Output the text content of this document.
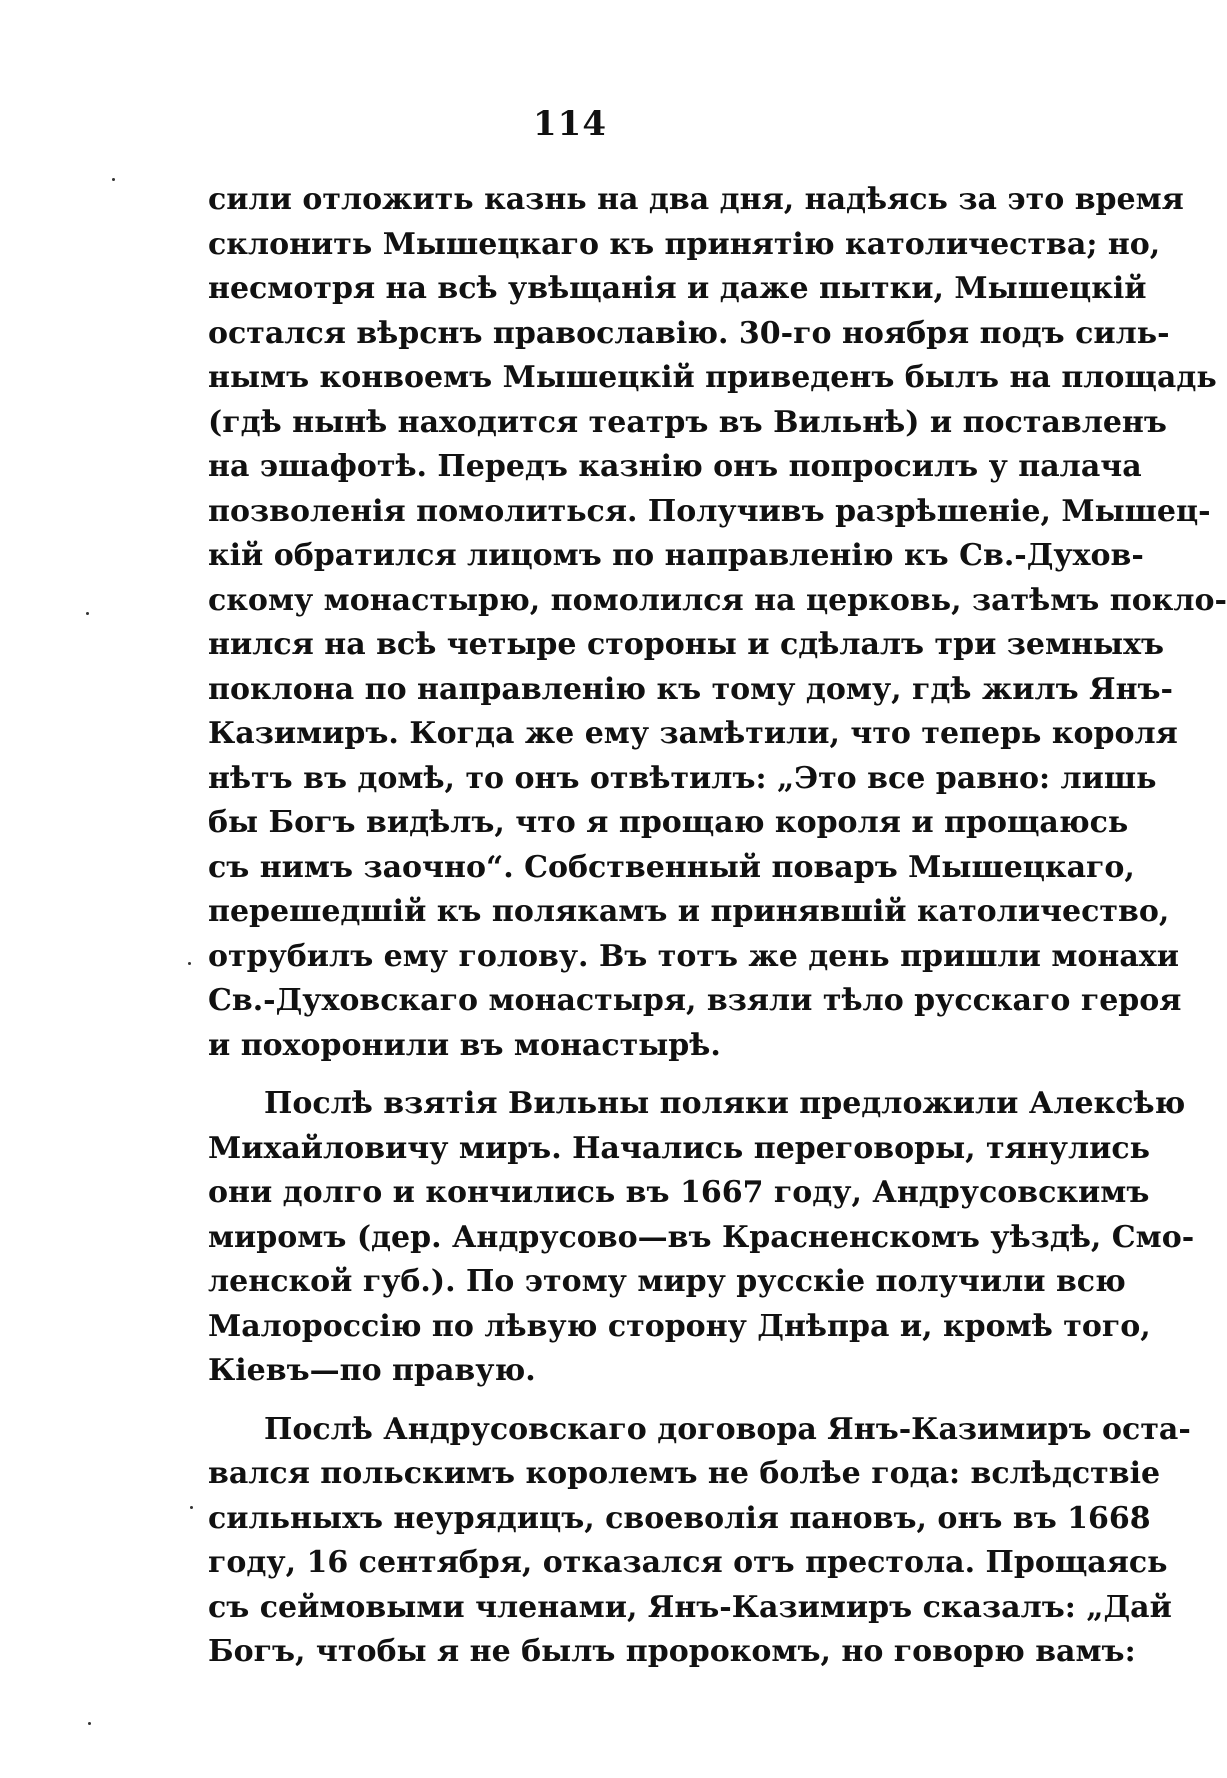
114
сили отложить казнь на два дня, надѣясь за это время
склонить Мышецкаго къ принятію католичества; но,
несмотря на всѣ увѣщанія и даже пытки, Мышецкій
остался вѣрснъ православію. 30-го ноября подъ силь-
нымъ конвоемъ Мышецкій приведенъ былъ на площадь
(гдѣ нынѣ находится театръ въ Вильнѣ) и поставленъ
на эшафотѣ. Передъ казнію онъ попросилъ у палача
позволенія помолиться. Получивъ разрѣшеніе, Мышец-
кій обратился лицомъ по направленію къ Св.-Духов-
скому монастырю, помолился на церковь, затѣмъ покло-
нился на всѣ четыре стороны и сдѣлалъ три земныхъ
поклона по направленію къ тому дому, гдѣ жилъ Янъ-
Казимиръ. Когда же ему замѣтили, что теперь короля
нѣтъ въ домѣ, то онъ отвѣтилъ: „Это все равно: лишь
бы Богъ видѣлъ, что я прощаю короля и прощаюсь
съ нимъ заочно“. Собственный поваръ Мышецкаго,
перешедшій къ полякамъ и принявшій католичество,
отрубилъ ему голову. Въ тотъ же день пришли монахи
Св.-Духовскаго монастыря, взяли тѣло русскаго героя
и похоронили въ монастырѣ.
Послѣ взятія Вильны поляки предложили Алексѣю
Михайловичу миръ. Начались переговоры, тянулись
они долго и кончились въ 1667 году, Андрусовскимъ
миромъ (дер. Андрусово—въ Красненскомъ уѣздѣ, Смо-
ленской губ.). По этому миру русскіе получили всю
Малороссію по лѣвую сторону Днѣпра и, кромѣ того,
Кіевъ—по правую.
Послѣ Андрусовскаго договора Янъ-Казимиръ оста-
вался польскимъ королемъ не болѣе года: вслѣдствіе
сильныхъ неурядицъ, своеволія пановъ, онъ въ 1668
году, 16 сентября, отказался отъ престола. Прощаясь
съ сеймовыми членами, Янъ-Казимиръ сказалъ: „Дай
Богъ, чтобы я не былъ пророкомъ, но говорю вамъ:
